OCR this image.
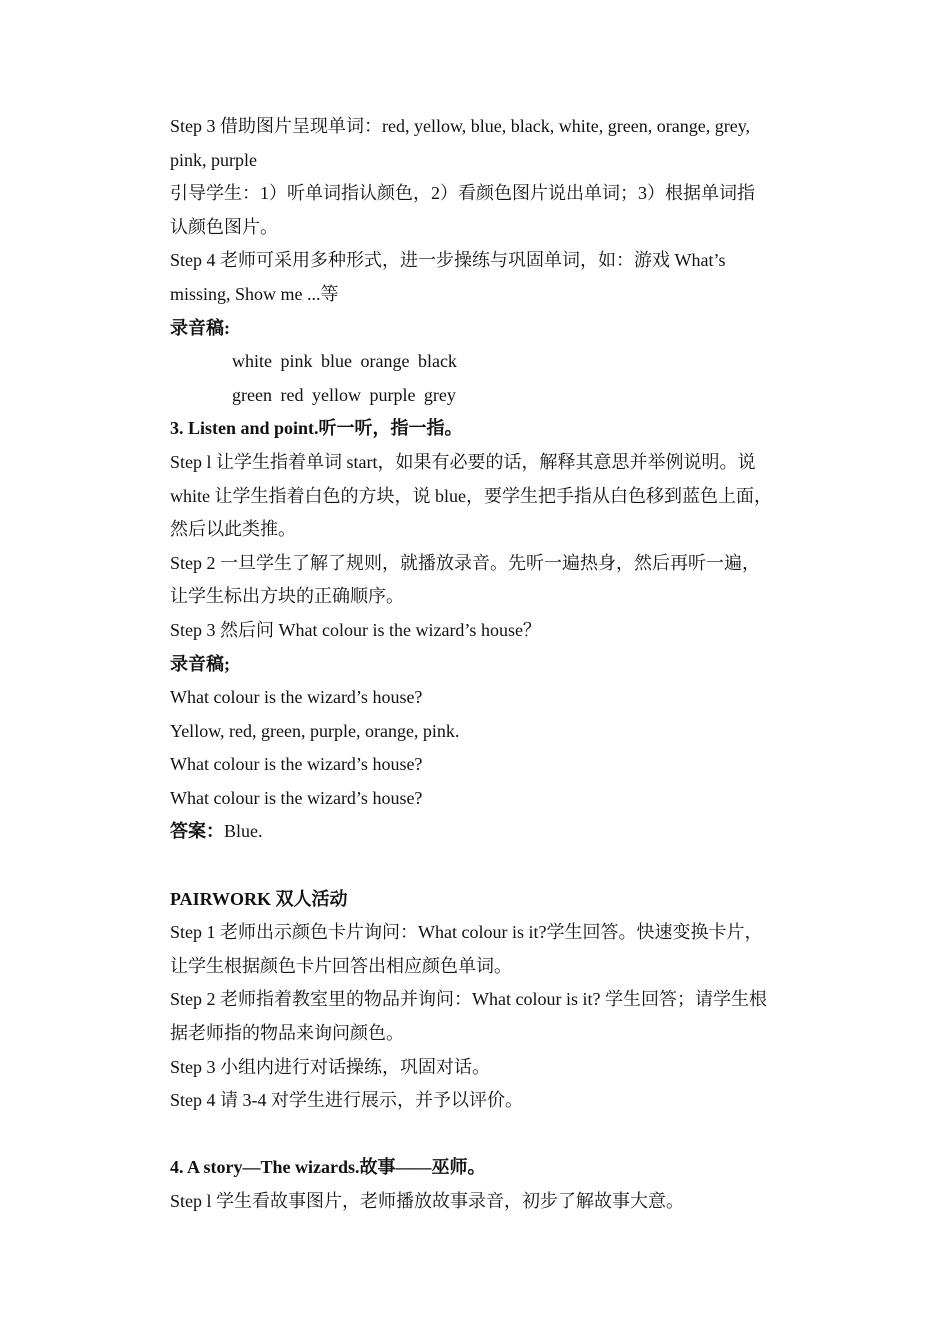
Step 3 借助图片呈现单词：red, yellow, blue, black, white, green, orange, grey,
pink, purple
引导学生：1）听单词指认颜色，2）看颜色图片说出单词；3）根据单词指
认颜色图片。
Step 4 老师可采用多种形式，进一步操练与巩固单词，如：游戏 What’s
missing, Show me ...等
录音稿:
white pink blue orange black
green red yellow purple grey
3. Listen and point.听一听，指一指。
Step l 让学生指着单词 start，如果有必要的话，解释其意思并举例说明。说
white 让学生指着白色的方块，说 blue，要学生把手指从白色移到蓝色上面，
然后以此类推。
Step 2 一旦学生了解了规则，就播放录音。先听一遍热身，然后再听一遍，
让学生标出方块的正确顺序。
Step 3 然后问 What colour is the wizard’s house？
录音稿;
What colour is the wizard’s house?
Yellow, red, green, purple, orange, pink.
What colour is the wizard’s house?
What colour is the wizard’s house?
答案：Blue.
PAIRWORK 双人活动
Step 1 老师出示颜色卡片询问：What colour is it?学生回答。快速变换卡片，
让学生根据颜色卡片回答出相应颜色单词。
Step 2 老师指着教室里的物品并询问：What colour is it? 学生回答；请学生根
据老师指的物品来询问颜色。
Step 3 小组内进行对话操练，巩固对话。
Step 4 请 3-4 对学生进行展示，并予以评价。
4. A story—The wizards.故事——巫师。
Step l 学生看故事图片，老师播放故事录音，初步了解故事大意。
